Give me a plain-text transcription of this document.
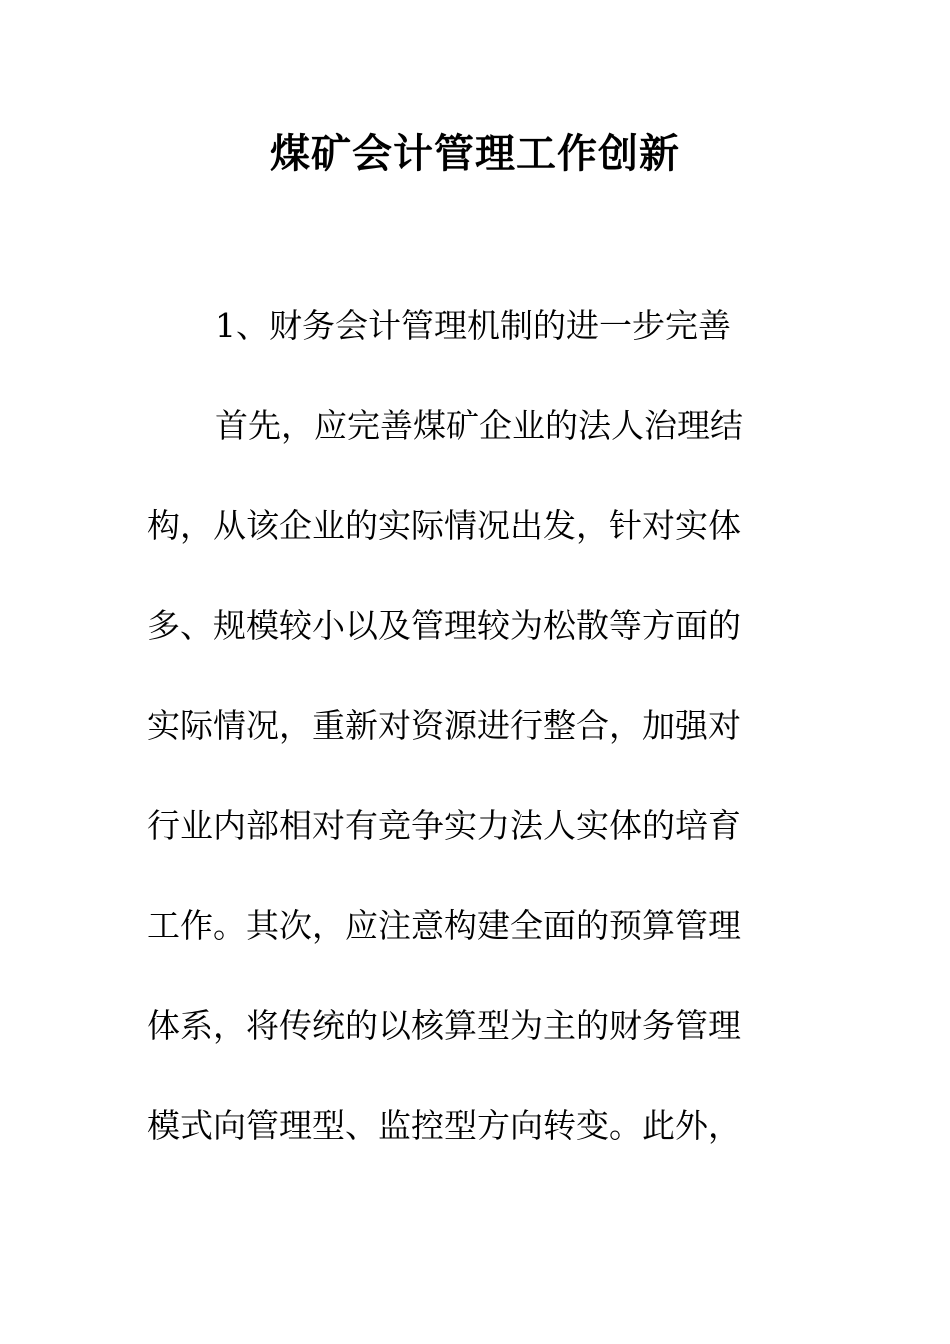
煤矿会计管理工作创新

1、财务会计管理机制的进一步完善

首先，应完善煤矿企业的法人治理结

构，从该企业的实际情况出发，针对实体

多、规模较小以及管理较为松散等方面的

实际情况，重新对资源进行整合，加强对

行业内部相对有竞争实力法人实体的培育

工作。其次，应注意构建全面的预算管理

体系，将传统的以核算型为主的财务管理

模式向管理型、监控型方向转变。此外，
